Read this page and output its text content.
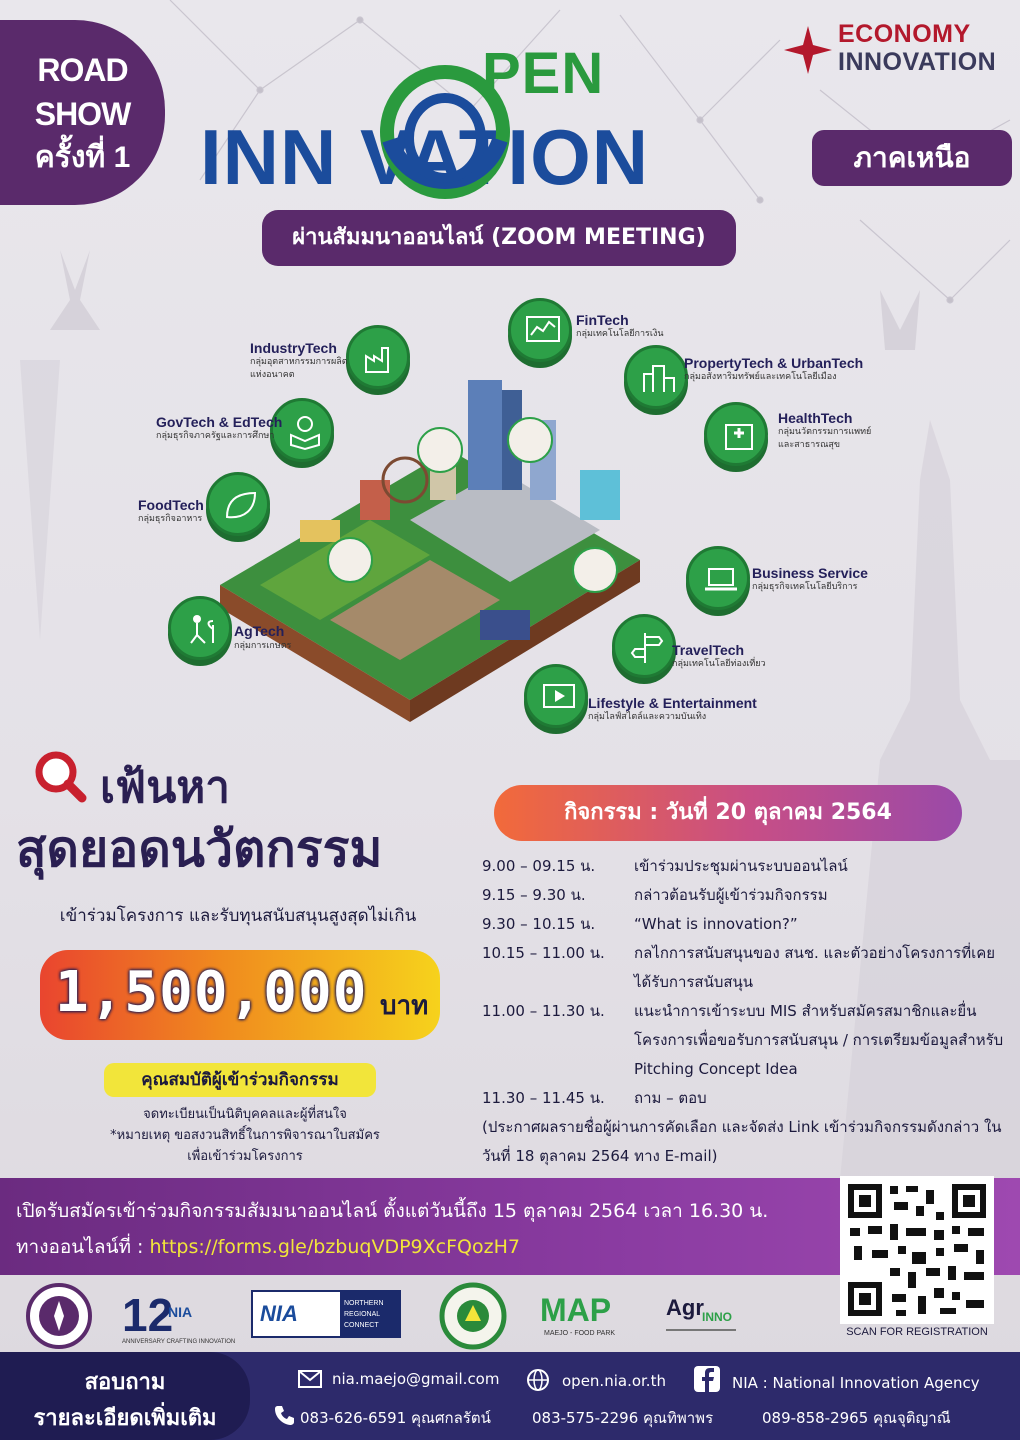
ROAD
SHOW
ครั้งที่ 1
ECONOMY
INNOVATION
PEN
INN VATION	ภาคเหนือ
ผ่านสัมมนาออนไลน์ (ZOOM MEETING)
IndustryTech
กลุ่มอุตสาหกรรมการผลิต
แห่งอนาคต
FinTech
กลุ่มเทคโนโลยีการเงิน
PropertyTech & UrbanTech
กลุ่มอสังหาริมทรัพย์และเทคโนโลยีเมือง
HealthTech
กลุ่มนวัตกรรมการแพทย์
และสาธารณสุข
GovTech & EdTech
กลุ่มธุรกิจภาครัฐและการศึกษา
FoodTech
กลุ่มธุรกิจอาหาร
Business Service
กลุ่มธุรกิจเทคโนโลยีบริการ
AgTech
กลุ่มการเกษตร	TravelTech
กลุ่มเทคโนโลยีท่องเที่ยว
Lifestyle & Entertainment
กลุ่มไลฟ์สไตล์และความบันเทิง
เฟ้นหา
สุดยอดนวัตกรรม
เข้าร่วมโครงการ และรับทุนสนับสนุนสูงสุดไม่เกิน
1,500,000 บาท
คุณสมบัติผู้เข้าร่วมกิจกรรม
จดทะเบียนเป็นนิติบุคคลและผู้ที่สนใจ
*หมายเหตุ ขอสงวนสิทธิ์ในการพิจารณาใบสมัคร
เพื่อเข้าร่วมโครงการ
กิจกรรม : วันที่ 20 ตุลาคม 2564
9.00 – 09.15 น.	เข้าร่วมประชุมผ่านระบบออนไลน์
9.15 – 9.30 น.	กล่าวต้อนรับผู้เข้าร่วมกิจกรรม
9.30 – 10.15 น.	“What is innovation?”
10.15 – 11.00 น.	กลไกการสนับสนุนของ สนช. และตัวอย่างโครงการที่เคยได้รับการสนับสนุน
11.00 – 11.30 น.	แนะนำการเข้าระบบ MIS สำหรับสมัครสมาชิกและยื่นโครงการเพื่อขอรับการสนับสนุน / การเตรียมข้อมูลสำหรับ Pitching Concept Idea
11.30 – 11.45 น.	ถาม – ตอบ
(ประกาศผลรายชื่อผู้ผ่านการคัดเลือก และจัดส่ง Link เข้าร่วมกิจกรรมดังกล่าว ในวันที่ 18 ตุลาคม 2564 ทาง E-mail)
เปิดรับสมัครเข้าร่วมกิจกรรมสัมมนาออนไลน์ ตั้งแต่วันนี้ถึง 15 ตุลาคม 2564 เวลา 16.30 น.
ทางออนไลน์ที่ : https://forms.gle/bzbuqVDP9XcFQozH7
SCAN FOR REGISTRATION
12
NIA
ANNIVERSARY CRAFTING INNOVATION
NIA	NORTHERN
REGIONAL
CONNECT	MAP
MAEJO - FOOD PARK
Agr
INNO
สอบถาม
รายละเอียดเพิ่มเติม
nia.maejo@gmail.com	open.nia.or.th	NIA : National Innovation Agency
083-626-6591 คุณศกลรัตน์	083-575-2296 คุณทิพาพร	089-858-2965 คุณจุติญาณี
